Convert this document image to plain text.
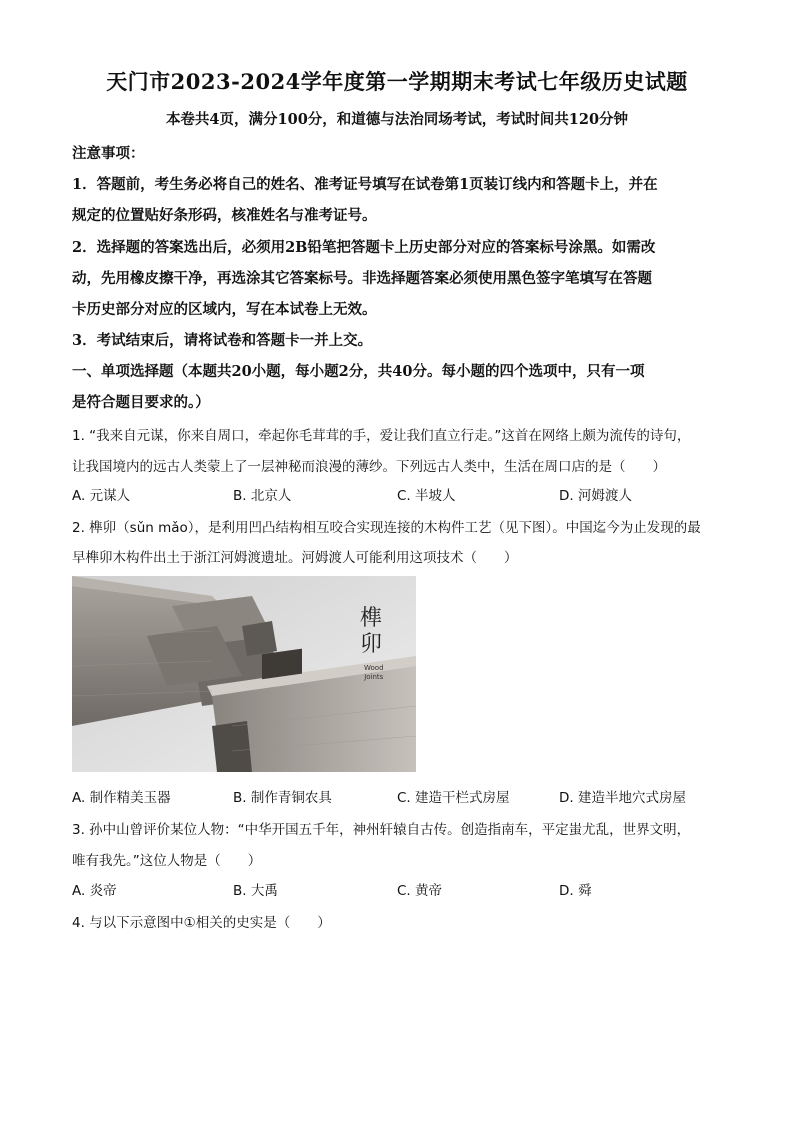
天门市2023-2024学年度第一学期期末考试七年级历史试题
本卷共4页，满分100分，和道德与法治同场考试，考试时间共120分钟
注意事项：
1．答题前，考生务必将自己的姓名、准考证号填写在试卷第1页装订线内和答题卡上，并在
规定的位置贴好条形码，核准姓名与准考证号。
2．选择题的答案选出后，必须用2B铅笔把答题卡上历史部分对应的答案标号涂黑。如需改
动，先用橡皮擦干净，再选涂其它答案标号。非选择题答案必须使用黑色签字笔填写在答题
卡历史部分对应的区域内，写在本试卷上无效。
3．考试结束后，请将试卷和答题卡一并上交。
一、单项选择题（本题共20小题，每小题2分，共40分。每小题的四个选项中，只有一项
是符合题目要求的。）
1. “我来自元谋，你来自周口，牵起你毛茸茸的手，爱让我们直立行走。”这首在网络上颇为流传的诗句，
让我国境内的远古人类蒙上了一层神秘而浪漫的薄纱。下列远古人类中，生活在周口店的是（　　）
A. 元谋人	B. 北京人	C. 半坡人	D. 河姆渡人
2. 榫卯（sǔn mǎo），是利用凹凸结构相互咬合实现连接的木构件工艺（见下图）。中国迄今为止发现的最
早榫卯木构件出土于浙江河姆渡遗址。河姆渡人可能利用这项技术（　　）
榫
卯
Wood
Joints
A. 制作精美玉器	B. 制作青铜农具	C. 建造干栏式房屋	D. 建造半地穴式房屋
3. 孙中山曾评价某位人物：“中华开国五千年，神州轩辕自古传。创造指南车，平定蚩尤乱，世界文明，
唯有我先。”这位人物是（　　）
A. 炎帝	B. 大禹	C. 黄帝	D. 舜
4. 与以下示意图中①相关的史实是（　　）
